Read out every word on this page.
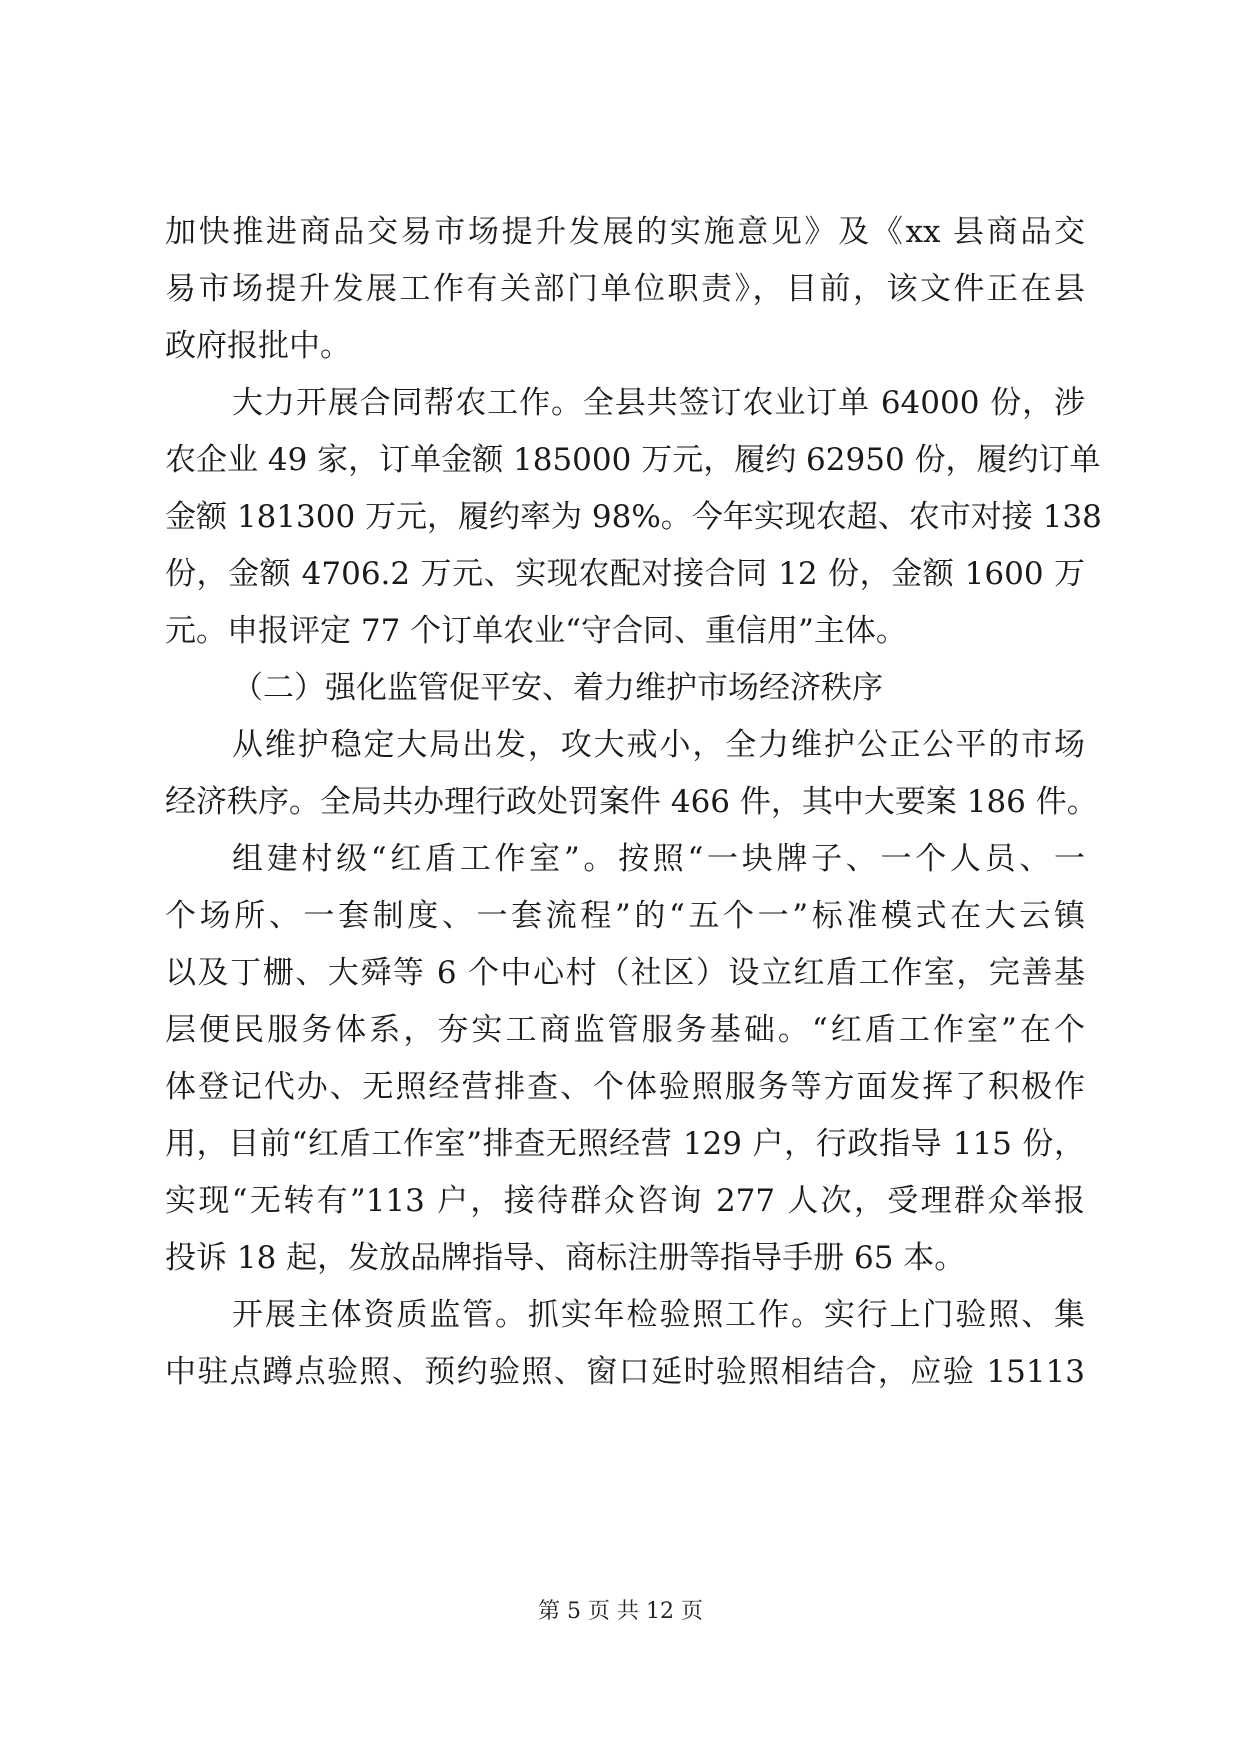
加快推进商品交易市场提升发展的实施意见》及《xx 县商品交
易市场提升发展工作有关部门单位职责》，目前，该文件正在县
政府报批中。
大力开展合同帮农工作。全县共签订农业订单 64000 份，涉
农企业 49 家，订单金额 185000 万元，履约 62950 份，履约订单
金额 181300 万元，履约率为 98%。今年实现农超、农市对接 138
份，金额 4706.2 万元、实现农配对接合同 12 份，金额 1600 万
元。申报评定 77 个订单农业“守合同、重信用”主体。
（二）强化监管促平安、着力维护市场经济秩序
从维护稳定大局出发，攻大戒小，全力维护公正公平的市场
经济秩序。全局共办理行政处罚案件 466 件，其中大要案 186 件。
组建村级“红盾工作室”。按照“一块牌子、一个人员、一
个场所、一套制度、一套流程”的“五个一”标准模式在大云镇
以及丁栅、大舜等 6 个中心村（社区）设立红盾工作室，完善基
层便民服务体系，夯实工商监管服务基础。“红盾工作室”在个
体登记代办、无照经营排查、个体验照服务等方面发挥了积极作
用，目前“红盾工作室”排查无照经营 129 户，行政指导 115 份，
实现“无转有”113 户，接待群众咨询 277 人次，受理群众举报
投诉 18 起，发放品牌指导、商标注册等指导手册 65 本。
开展主体资质监管。抓实年检验照工作。实行上门验照、集
中驻点蹲点验照、预约验照、窗口延时验照相结合，应验 15113
第 5 页 共 12 页
